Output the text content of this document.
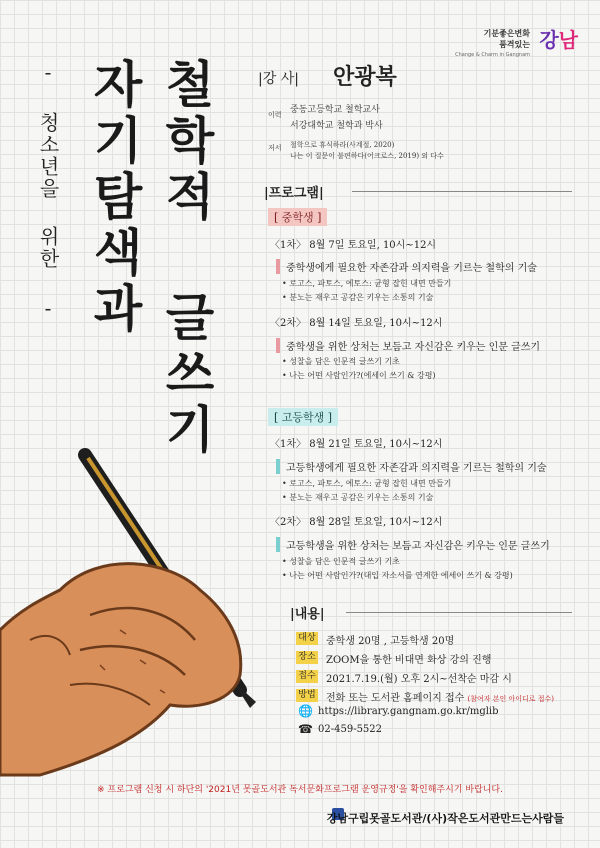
기분좋은변화
품격있는
Change & Charm in Gangnam
강남
- 청소년을 위한 - 자기탐색과 철학적 글쓰기	|강 사| 안광복
이력 중동고등학교 철학교사
서강대학교 철학과 박사
저서 철학으로 휴식하라(사계절, 2020)
나는 이 질문이 불편하다(어크로스, 2019) 외 다수
|프로그램|
[ 중학생 ]
〈1차〉 8월 7일 토요일, 10시~12시
중학생에게 필요한 자존감과 의지력을 기르는 철학의 기술
• 로고스, 파토스, 에토스: 균형 잡힌 내면 만들기
• 분노는 재우고 공감은 키우는 소통의 기술
〈2차〉 8월 14일 토요일, 10시~12시
중학생을 위한 상처는 보듬고 자신감은 키우는 인문 글쓰기
• 성찰을 담은 인문적 글쓰기 기초
• 나는 어떤 사람인가?(에세이 쓰기 & 강평)
[ 고등학생 ]
〈1차〉 8월 21일 토요일, 10시~12시
고등학생에게 필요한 자존감과 의지력을 기르는 철학의 기술
• 로고스, 파토스, 에토스: 균형 잡힌 내면 만들기
• 분노는 재우고 공감은 키우는 소통의 기술
〈2차〉 8월 28일 토요일, 10시~12시
고등학생을 위한 상처는 보듬고 자신감은 키우는 인문 글쓰기
• 성찰을 담은 인문적 글쓰기 기초
• 나는 어떤 사람인가?(대입 자소서를 연계한 에세이 쓰기 & 강평)
|내용|
대상 중학생 20명 , 고등학생 20명
장소 ZOOM을 통한 비대면 화상 강의 진행
접수 2021.7.19.(월) 오후 2시~선착순 마감 시
방법 전화 또는 도서관 홈페이지 접수 (참여자 본인 아이디로 접수)
🌐 https://library.gangnam.go.kr/mglib
☎ 02-459-5522
※ 프로그램 신청 시 하단의 '2021년 못골도서관 독서문화프로그램 운영규정'을 확인해주시기 바랍니다.
강남구립못골도서관/(사)작은도서관만드는사람들
